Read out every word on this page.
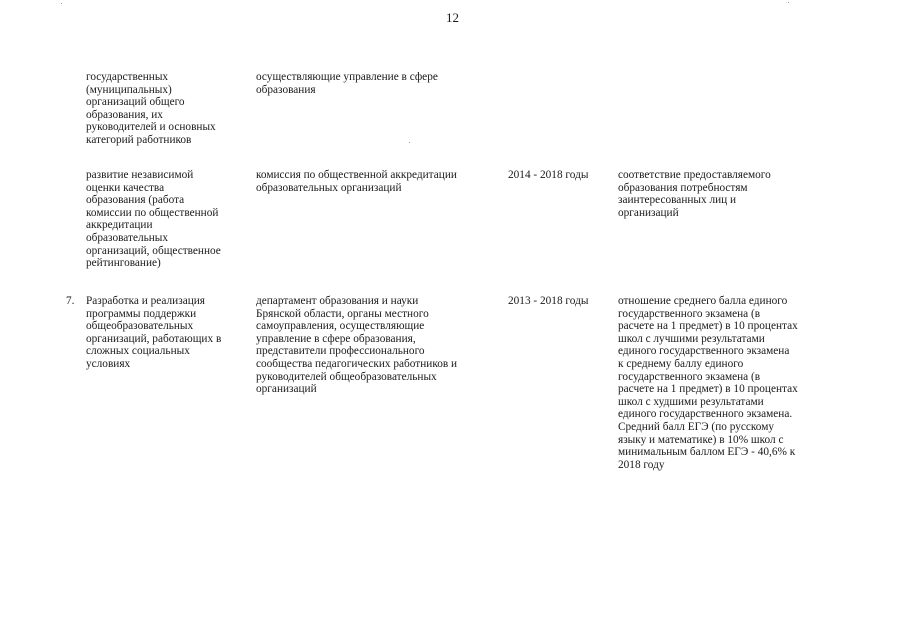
12
государственных
(муниципальных)
организаций общего
образования, их
руководителей и основных
категорий работников
осуществляющие управление в сфере
образования
развитие независимой
оценки качества
образования (работа
комиссии по общественной
аккредитации
образовательных
организаций, общественное
рейтингование)
комиссия по общественной аккредитации
образовательных организаций
2014 - 2018 годы	соответствие предоставляемого
образования потребностям
заинтересованных лиц и
организаций
7. Разработка и реализация
программы поддержки
общеобразовательных
организаций, работающих в
сложных социальных
условиях
департамент образования и науки
Брянской области, органы местного
самоуправления, осуществляющие
управление в сфере образования,
представители профессионального
сообщества педагогических работников и
руководителей общеобразовательных
организаций
2013 - 2018 годы	отношение среднего балла единого
государственного экзамена (в
расчете на 1 предмет) в 10 процентах
школ с лучшими результатами
единого государственного экзамена
к среднему баллу единого
государственного экзамена (в
расчете на 1 предмет) в 10 процентах
школ с худшими результатами
единого государственного экзамена.
Средний балл ЕГЭ (по русскому
языку и математике) в 10% школ с
минимальным баллом ЕГЭ - 40,6% к
2018 году
